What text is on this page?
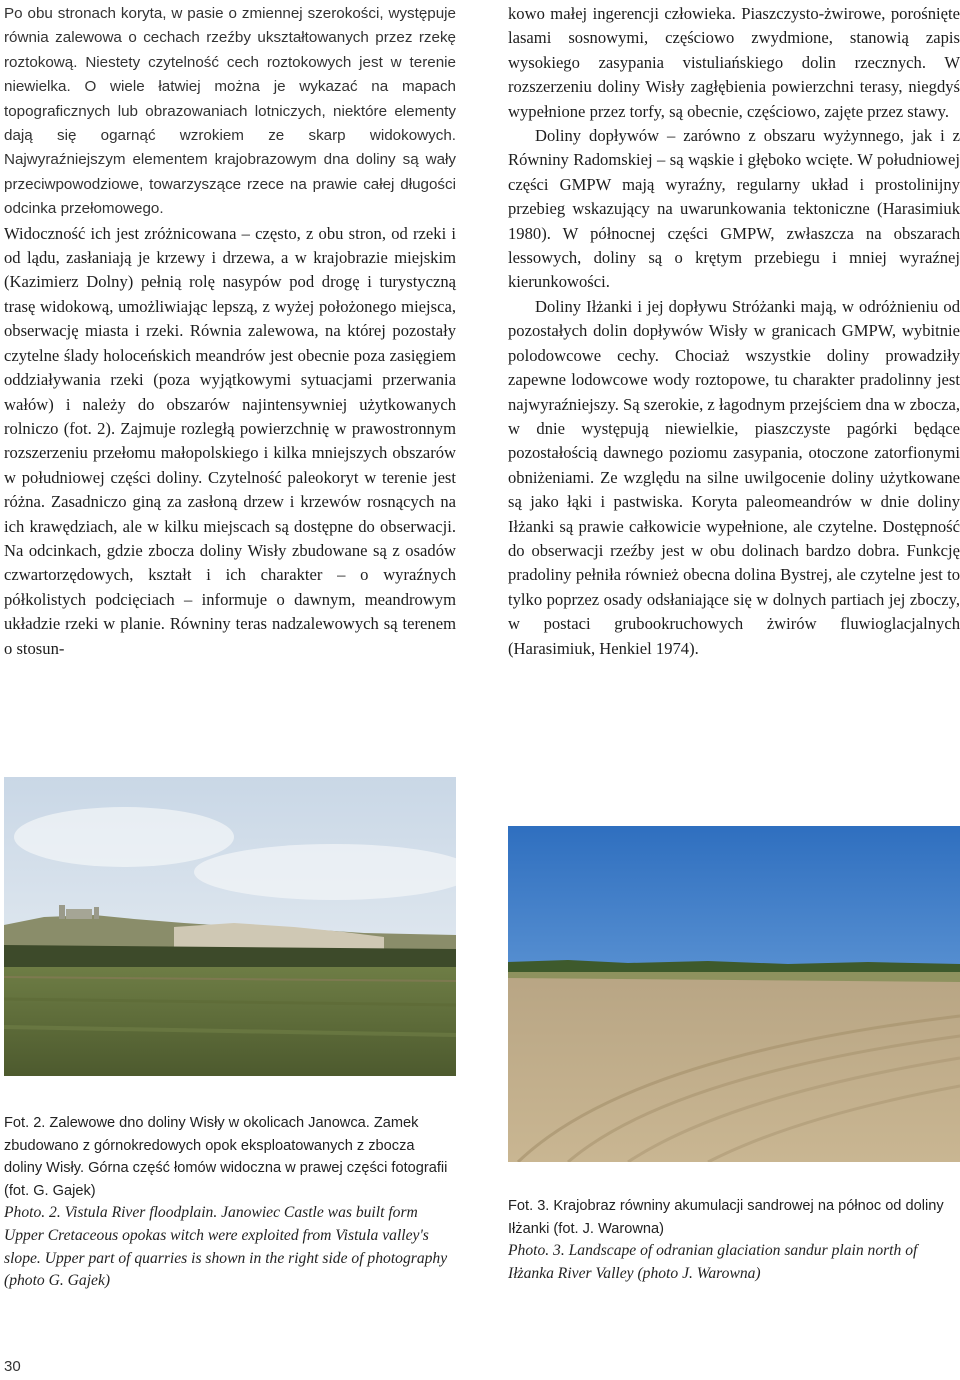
Po obu stronach koryta, w pasie o zmiennej szerokości, występuje równia zalewowa o cechach rzeźby ukształtowanych przez rzekę roztokową. Niestety czytelność cech roztokowych jest w terenie niewielka. O wiele łatwiej można je wykazać na mapach topograficznych lub obrazowaniach lotniczych, niektóre elementy dają się ogarnąć wzrokiem ze skarp widokowych. Najwyraźniejszym elementem krajobrazowym dna doliny są wały przeciwpowodziowe, towarzyszące rzece na prawie całej długości odcinka przełomowego.

Widoczność ich jest zróżnicowana – często, z obu stron, od rzeki i od lądu, zasłaniają je krzewy i drzewa, a w krajobrazie miejskim (Kazimierz Dolny) pełnią rolę nasypów pod drogę i turystyczną trasę widokową, umożliwiając lepszą, z wyżej położonego miejsca, obserwację miasta i rzeki. Równia zalewowa, na której pozostały czytelne ślady holoceńskich meandrów jest obecnie poza zasięgiem oddziaływania rzeki (poza wyjątkowymi sytuacjami przerwania wałów) i należy do obszarów najintensywniej użytkowanych rolniczo (fot. 2). Zajmuje rozległą powierzchnię w prawostronnym rozszerzeniu przełomu małopolskiego i kilka mniejszych obszarów w południowej części doliny. Czytelność paleokoryt w terenie jest różna. Zasadniczo giną za zasłoną drzew i krzewów rosnących na ich krawędziach, ale w kilku miejscach są dostępne do obserwacji. Na odcinkach, gdzie zbocza doliny Wisły zbudowane są z osadów czwartorzędowych, kształt i ich charakter – o wyraźnych półkolistych podcięciach – informuje o dawnym, meandrowym układzie rzeki w planie. Równiny teras nadzalewowych są terenem o stosun-

kowo małej ingerencji człowieka. Piaszczysto-żwirowe, porośnięte lasami sosnowymi, częściowo zwydmione, stanowią zapis wysokiego zasypania vistuliańskiego dolin rzecznych. W rozszerzeniu doliny Wisły zagłębienia powierzchni terasy, niegdyś wypełnione przez torfy, są obecnie, częściowo, zajęte przez stawy.

Doliny dopływów – zarówno z obszaru wyżynnego, jak i z Równiny Radomskiej – są wąskie i głęboko wcięte. W południowej części GMPW mają wyraźny, regularny układ i prostolinijny przebieg wskazujący na uwarunkowania tektoniczne (Harasimiuk 1980). W północnej części GMPW, zwłaszcza na obszarach lessowych, doliny są o krętym przebiegu i mniej wyraźnej kierunkowości.

Doliny Iłżanki i jej dopływu Stróżanki mają, w odróżnieniu od pozostałych dolin dopływów Wisły w granicach GMPW, wybitnie polodowcowe cechy. Chociaż wszystkie doliny prowadziły zapewne lodowcowe wody roztopowe, tu charakter pradolinny jest najwyraźniejszy. Są szerokie, z łagodnym przejściem dna w zbocza, w dnie występują niewielkie, piaszczyste pagórki będące pozostałością dawnego poziomu zasypania, otoczone zatorfionymi obniżeniami. Ze względu na silne uwilgocenie doliny użytkowane są jako łąki i pastwiska. Koryta paleomeandrów w dnie doliny Iłżanki są prawie całkowicie wypełnione, ale czytelne. Dostępność do obserwacji rzeźby jest w obu dolinach bardzo dobra. Funkcję pradoliny pełniła również obecna dolina Bystrej, ale czytelne jest to tylko poprzez osady odsłaniające się w dolnych partiach jej zboczy, w postaci grubookruchowych żwirów fluwioglacjalnych (Harasimiuk, Henkiel 1974).

Fot. 2. Zalewowe dno doliny Wisły w okolicach Janowca. Zamek zbudowano z górnokredowych opok eksploatowanych z zbocza doliny Wisły. Górna część łomów widoczna w prawej części fotografii (fot. G. Gajek)

Photo. 2. Vistula River floodplain. Janowiec Castle was built form Upper Cretaceous opokas witch were exploited from Vistula valley's slope. Upper part of quarries is shown in the right side of photography (photo G. Gajek)

Fot. 3. Krajobraz równiny akumulacji sandrowej na północ od doliny Iłżanki (fot. J. Warowna)

Photo. 3. Landscape of odranian glaciation sandur plain north of Iłżanka River Valley (photo J. Warowna)

30
